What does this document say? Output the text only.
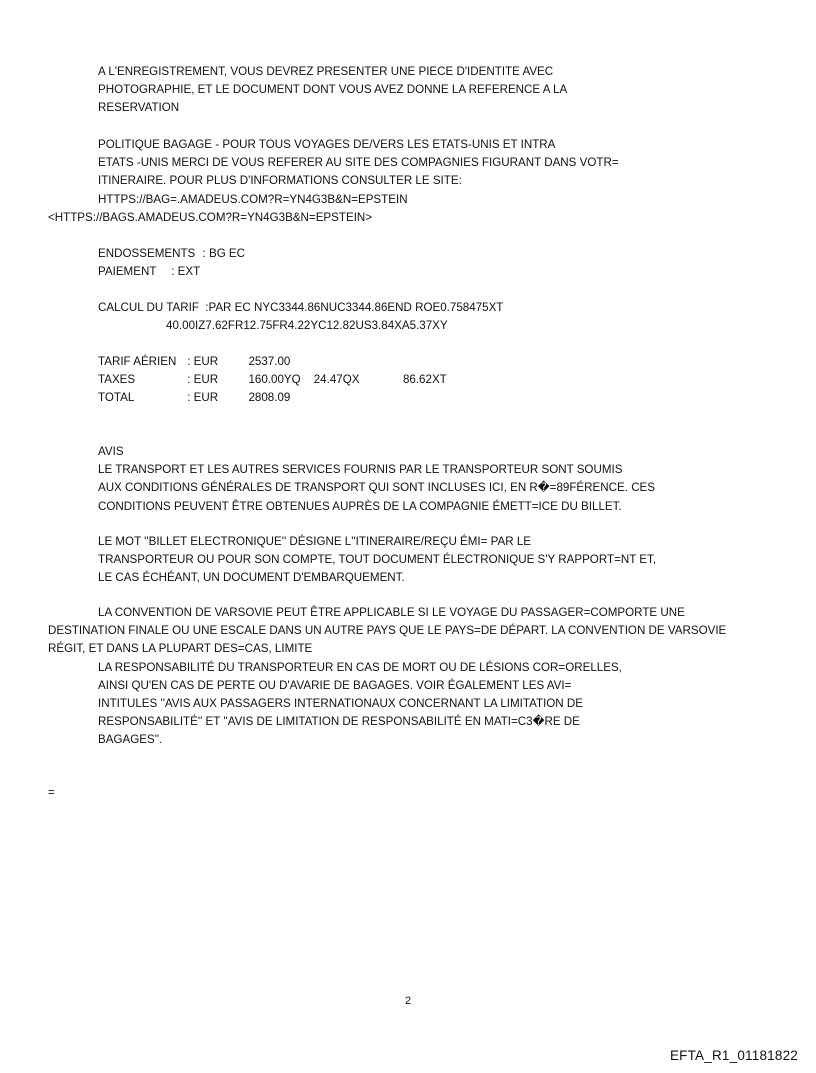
A L'ENREGISTREMENT, VOUS DEVREZ PRESENTER UNE PIECE D'IDENTITE AVEC
PHOTOGRAPHIE, ET LE DOCUMENT DONT VOUS AVEZ DONNE LA REFERENCE A LA
RESERVATION
POLITIQUE BAGAGE - POUR TOUS VOYAGES DE/VERS LES ETATS-UNIS ET INTRA
ETATS -UNIS MERCI DE VOUS REFERER AU SITE DES COMPAGNIES FIGURANT DANS VOTR=
ITINERAIRE. POUR PLUS D'INFORMATIONS CONSULTER LE SITE:
HTTPS://BAG=.AMADEUS.COM?R=YN4G3B&N=EPSTEIN
<HTTPS://BAGS.AMADEUS.COM?R=YN4G3B&N=EPSTEIN>
ENDOSSEMENTS : BG EC
PAIEMENT : EXT
CALCUL DU TARIF :PAR EC NYC3344.86NUC3344.86END ROE0.758475XT
40.00IZ7.62FR12.75FR4.22YC12.82US3.84XA5.37XY
TARIF AÉRIEN : EUR	2537.00
TAXES	: EUR	160.00YQ 24.47QX	86.62XT
TOTAL	: EUR	2808.09
AVIS
LE TRANSPORT ET LES AUTRES SERVICES FOURNIS PAR LE TRANSPORTEUR SONT SOUMIS
AUX CONDITIONS GÉNÉRALES DE TRANSPORT QUI SONT INCLUSES ICI, EN R�=89FÉRENCE. CES
CONDITIONS PEUVENT ÊTRE OBTENUES AUPRÈS DE LA COMPAGNIE ÉMETT=ICE DU BILLET.
LE MOT ''BILLET ELECTRONIQUE'' DÉSIGNE L''ITINERAIRE/REÇU ÉMI= PAR LE
TRANSPORTEUR OU POUR SON COMPTE, TOUT DOCUMENT ÉLECTRONIQUE S'Y RAPPORT=NT ET,
LE CAS ÉCHÉANT, UN DOCUMENT D'EMBARQUEMENT.
LA CONVENTION DE VARSOVIE PEUT ÊTRE APPLICABLE SI LE VOYAGE DU PASSAGER=COMPORTE UNE
DESTINATION FINALE OU UNE ESCALE DANS UN AUTRE PAYS QUE LE PAYS=DE DÉPART. LA CONVENTION DE VARSOVIE
RÉGIT, ET DANS LA PLUPART DES=CAS, LIMITE
LA RESPONSABILITÉ DU TRANSPORTEUR EN CAS DE MORT OU DE LÉSIONS COR=ORELLES,
AINSI QU'EN CAS DE PERTE OU D'AVARIE DE BAGAGES. VOIR ÉGALEMENT LES AVI=
INTITULES ''AVIS AUX PASSAGERS INTERNATIONAUX CONCERNANT LA LIMITATION DE
RESPONSABILITÉ'' ET ''AVIS DE LIMITATION DE RESPONSABILITÉ EN MATI=C3�RE DE
BAGAGES''.
=
2
EFTA_R1_01181822
